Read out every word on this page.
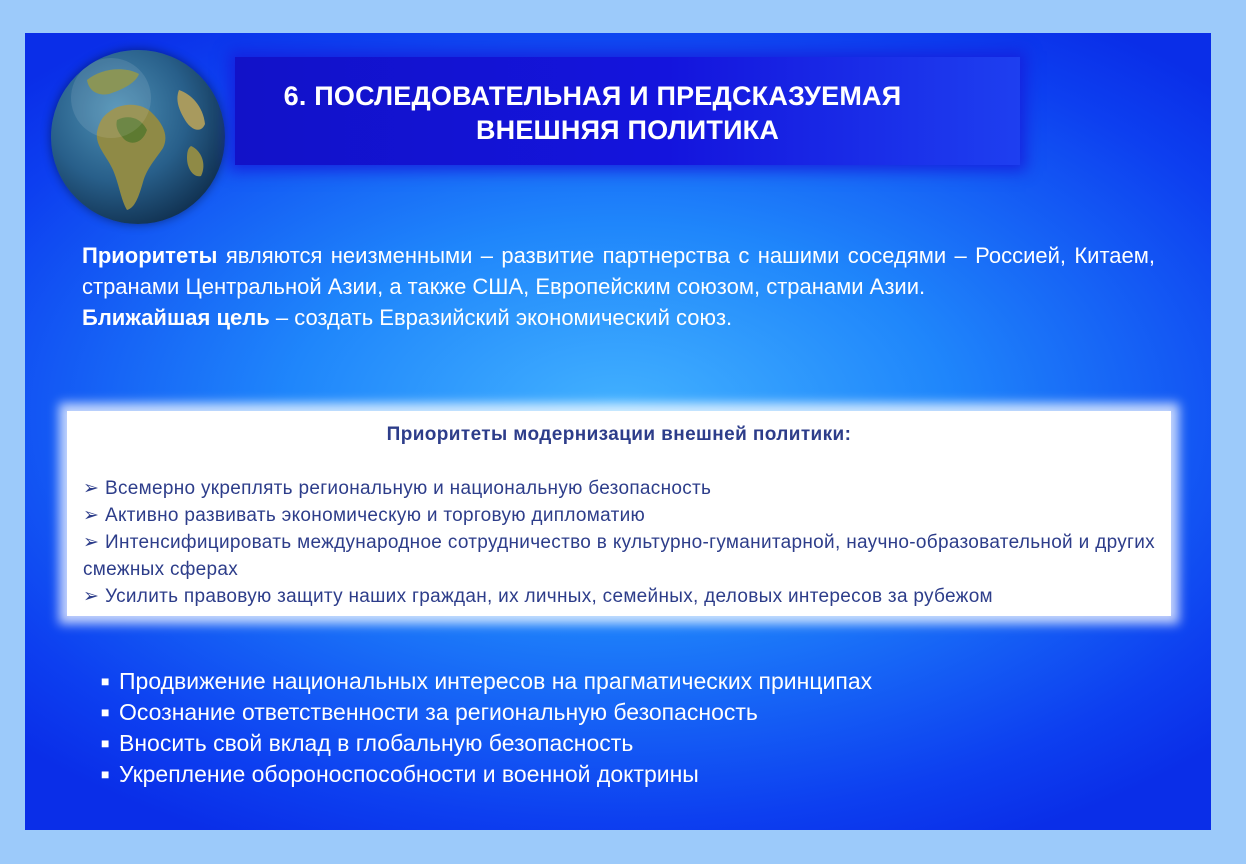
6. ПОСЛЕДОВАТЕЛЬНАЯ И ПРЕДСКАЗУЕМАЯ
ВНЕШНЯЯ ПОЛИТИКА

Приоритеты являются неизменными – развитие партнерства с нашими соседями – Россией, Китаем, странами Центральной Азии, а также США, Европейским союзом, странами Азии.

Ближайшая цель – создать Евразийский экономический союз.

Приоритеты модернизации внешней политики:
➢ Всемерно укреплять региональную и национальную безопасность
➢ Активно развивать экономическую и торговую дипломатию
➢ Интенсифицировать международное сотрудничество в культурно-гуманитарной, научно-образовательной и других смежных сферах
➢ Усилить правовую защиту наших граждан, их личных, семейных, деловых интересов за рубежом
■ Продвижение национальных интересов на прагматических принципах
■ Осознание ответственности за региональную безопасность
■ Вносить свой вклад в глобальную безопасность
■ Укрепление обороноспособности и военной доктрины
